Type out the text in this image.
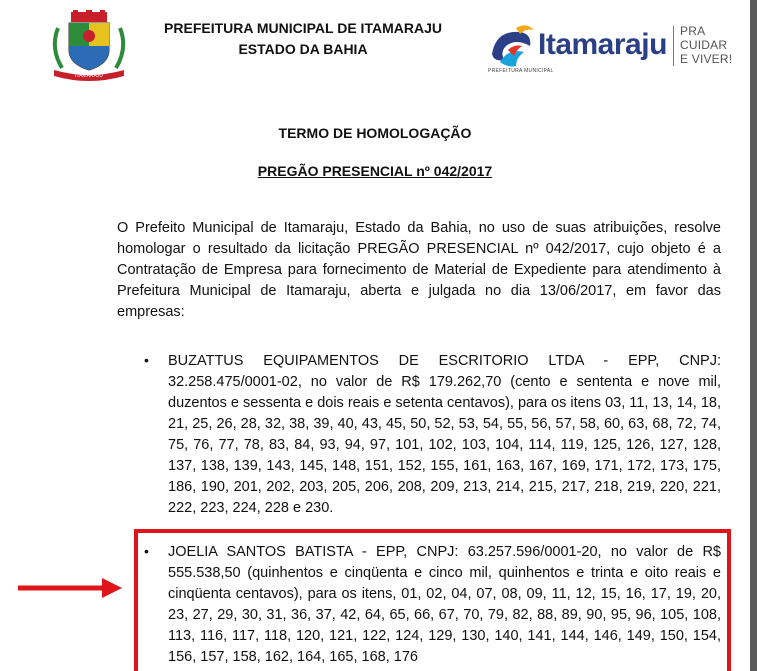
ITAMARAJU
PREFEITURA MUNICIPAL DE ITAMARAJU
ESTADO DA BAHIA	Itamaraju
PREFEITURA MUNICIPAL
PRA
CUIDAR
E VIVER!
TERMO DE HOMOLOGAÇÃO
PREGÃO PRESENCIAL nº 042/2017
O Prefeito Municipal de Itamaraju, Estado da Bahia, no uso de suas atribuições, resolve homologar o resultado da licitação PREGÃO PRESENCIAL nº 042/2017, cujo objeto é a Contratação de Empresa para fornecimento de Material de Expediente para atendimento à Prefeitura Municipal de Itamaraju, aberta e julgada no dia 13/06/2017, em favor das empresas:
• BUZATTUS EQUIPAMENTOS DE ESCRITORIO LTDA - EPP, CNPJ: 32.258.475/0001-02, no valor de R$ 179.262,70 (cento e sententa e nove mil, duzentos e sessenta e dois reais e setenta centavos), para os itens 03, 11, 13, 14, 18, 21, 25, 26, 28, 32, 38, 39, 40, 43, 45, 50, 52, 53, 54, 55, 56, 57, 58, 60, 63, 68, 72, 74, 75, 76, 77, 78, 83, 84, 93, 94, 97, 101, 102, 103, 104, 114, 119, 125, 126, 127, 128, 137, 138, 139, 143, 145, 148, 151, 152, 155, 161, 163, 167, 169, 171, 172, 173, 175, 186, 190, 201, 202, 203, 205, 206, 208, 209, 213, 214, 215, 217, 218, 219, 220, 221, 222, 223, 224, 228 e 230.
• JOELIA SANTOS BATISTA - EPP, CNPJ: 63.257.596/0001-20, no valor de R$ 555.538,50 (quinhentos e cinqüenta e cinco mil, quinhentos e trinta e oito reais e cinqüenta centavos), para os itens, 01, 02, 04, 07, 08, 09, 11, 12, 15, 16, 17, 19, 20, 23, 27, 29, 30, 31, 36, 37, 42, 64, 65, 66, 67, 70, 79, 82, 88, 89, 90, 95, 96, 105, 108, 113, 116, 117, 118, 120, 121, 122, 124, 129, 130, 140, 141, 144, 146, 149, 150, 154, 156, 157, 158, 162, 164, 165, 168, 176
